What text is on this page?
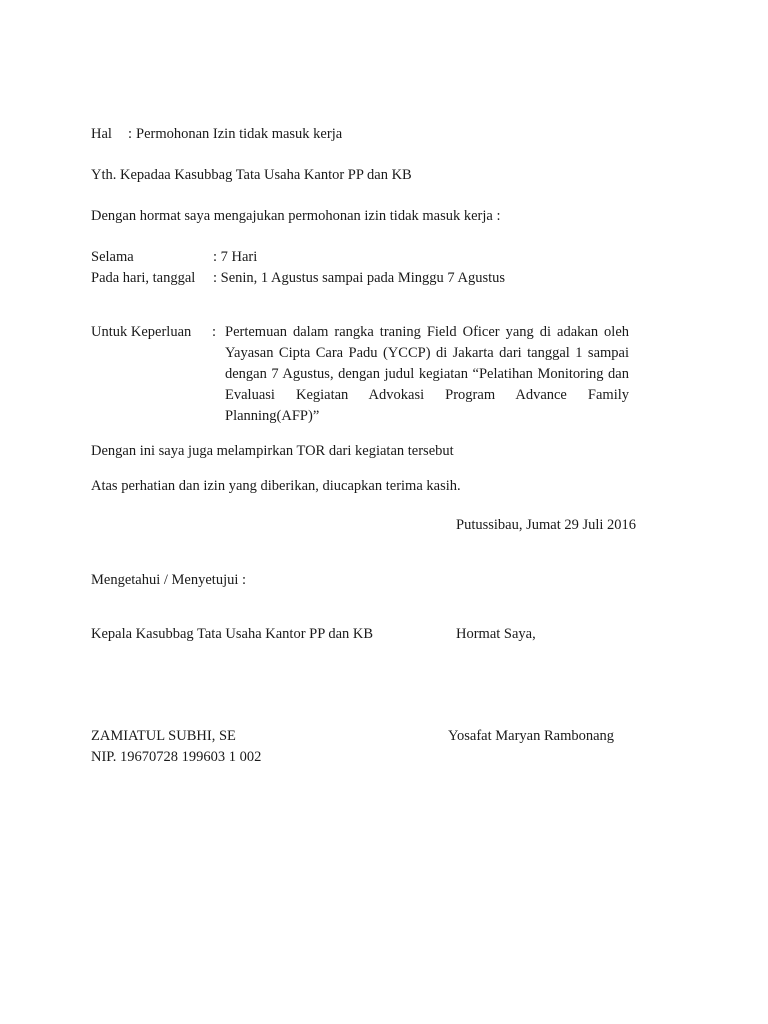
Hal : Permohonan Izin tidak masuk kerja
Yth. Kepadaa Kasubbag Tata Usaha Kantor PP dan KB
Dengan hormat saya mengajukan permohonan izin tidak masuk kerja :
Selama	: 7 Hari
Pada hari, tanggal : Senin, 1 Agustus sampai pada Minggu 7 Agustus
Untuk Keperluan : Pertemuan dalam rangka traning Field Oficer yang di adakan oleh Yayasan Cipta Cara Padu (YCCP) di Jakarta dari tanggal 1 sampai dengan 7 Agustus, dengan judul kegiatan “Pelatihan Monitoring dan Evaluasi Kegiatan Advokasi Program Advance Family Planning(AFP)”
Dengan ini saya juga melampirkan TOR dari kegiatan tersebut
Atas perhatian dan izin yang diberikan, diucapkan terima kasih.
Putussibau, Jumat 29 Juli 2016
Mengetahui / Menyetujui :
Kepala Kasubbag Tata Usaha Kantor PP dan KB	Hormat Saya,
ZAMIATUL SUBHI, SE	Yosafat Maryan Rambonang
NIP. 19670728 199603 1 002
